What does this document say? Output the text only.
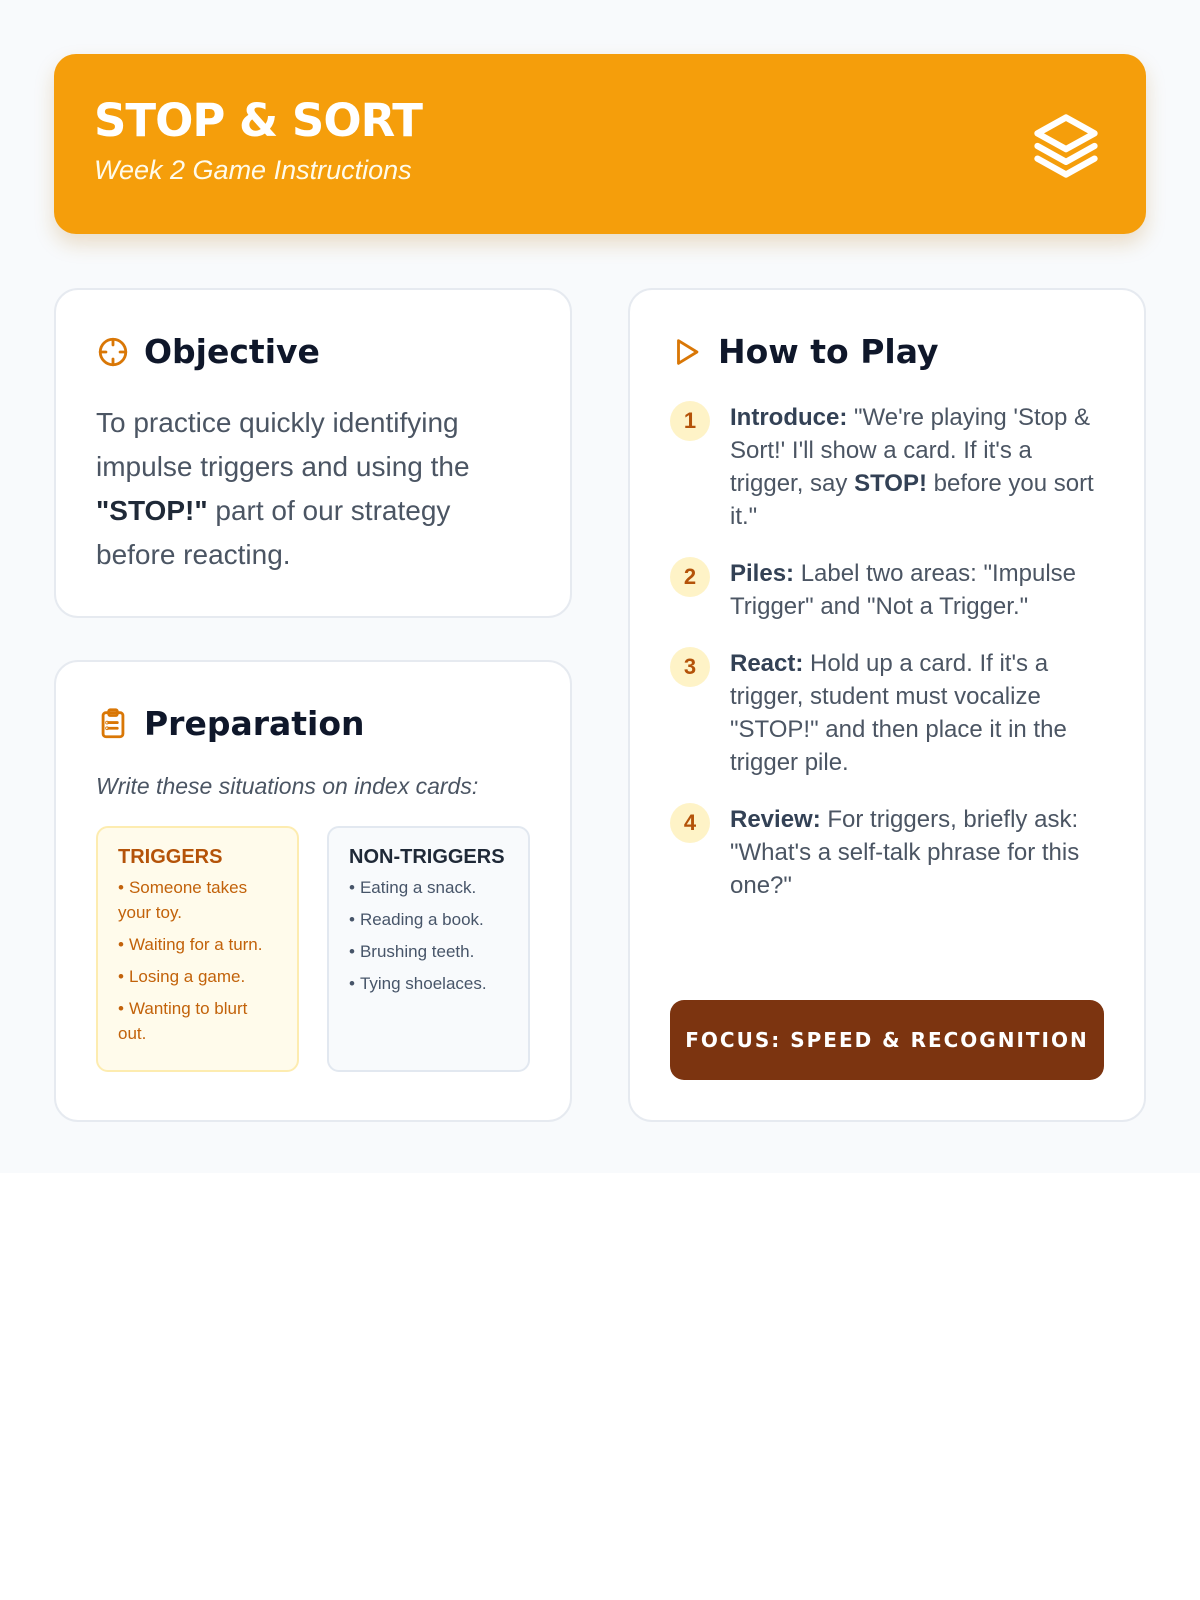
STOP & SORT
Week 2 Game Instructions
Objective
To practice quickly identifying impulse triggers and using the "STOP!" part of our strategy before reacting.
Preparation
Write these situations on index cards:
TRIGGERS
• Someone takes your toy.
• Waiting for a turn.
• Losing a game.
• Wanting to blurt out.
NON-TRIGGERS
• Eating a snack.
• Reading a book.
• Brushing teeth.
• Tying shoelaces.
How to Play
1	Introduce: "We're playing 'Stop & Sort!' I'll show a card. If it's a trigger, say STOP! before you sort it."
2	Piles: Label two areas: "Impulse Trigger" and "Not a Trigger."
3	React: Hold up a card. If it's a trigger, student must vocalize "STOP!" and then place it in the trigger pile.
4	Review: For triggers, briefly ask: "What's a self-talk phrase for this one?"
FOCUS: SPEED & RECOGNITION
